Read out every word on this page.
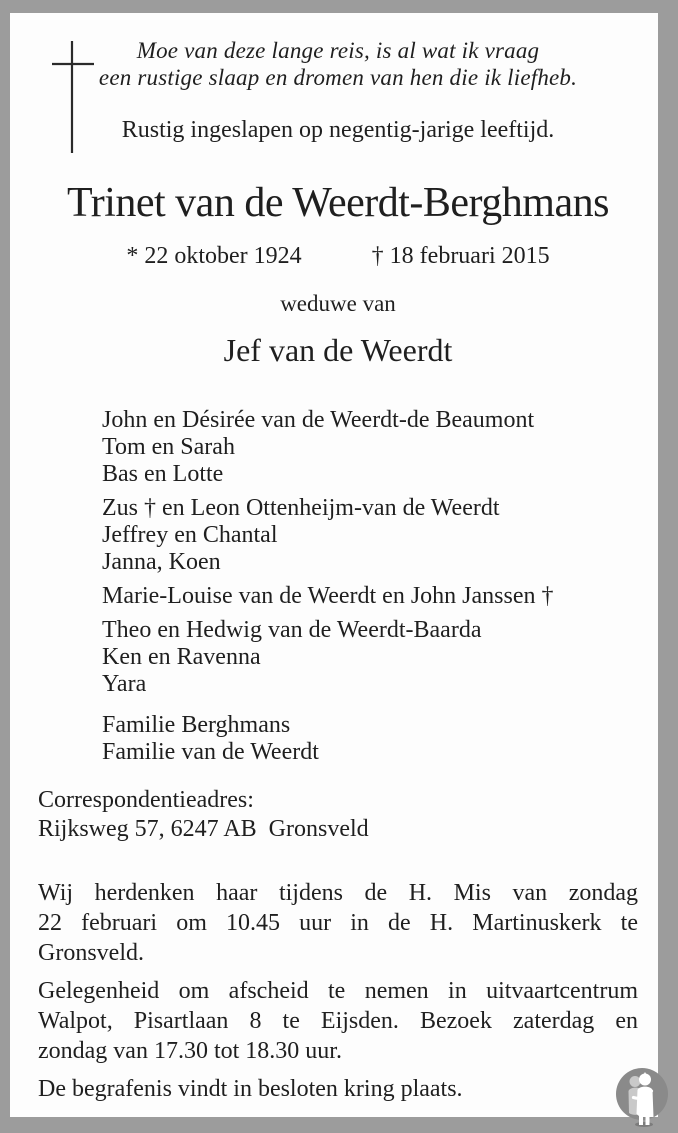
Moe van deze lange reis, is al wat ik vraag
een rustige slaap en dromen van hen die ik liefheb.
Rustig ingeslapen op negentig-jarige leeftijd.
Trinet van de Weerdt-Berghmans
* 22 oktober 1924	† 18 februari 2015
weduwe van
Jef van de Weerdt
John en Désirée van de Weerdt-de Beaumont
Tom en Sarah
Bas en Lotte
Zus † en Leon Ottenheijm-van de Weerdt
Jeffrey en Chantal
Janna, Koen
Marie-Louise van de Weerdt en John Janssen †
Theo en Hedwig van de Weerdt-Baarda
Ken en Ravenna
Yara
Familie Berghmans
Familie van de Weerdt
Correspondentieadres:
Rijksweg 57, 6247 AB  Gronsveld
Wij herdenken haar tijdens de H. Mis van zondag
22 februari om 10.45 uur in de H. Martinuskerk te
Gronsveld.
Gelegenheid om afscheid te nemen in uitvaartcentrum
Walpot, Pisartlaan 8 te Eijsden. Bezoek zaterdag en
zondag van 17.30 tot 18.30 uur.

De begrafenis vindt in besloten kring plaats.
